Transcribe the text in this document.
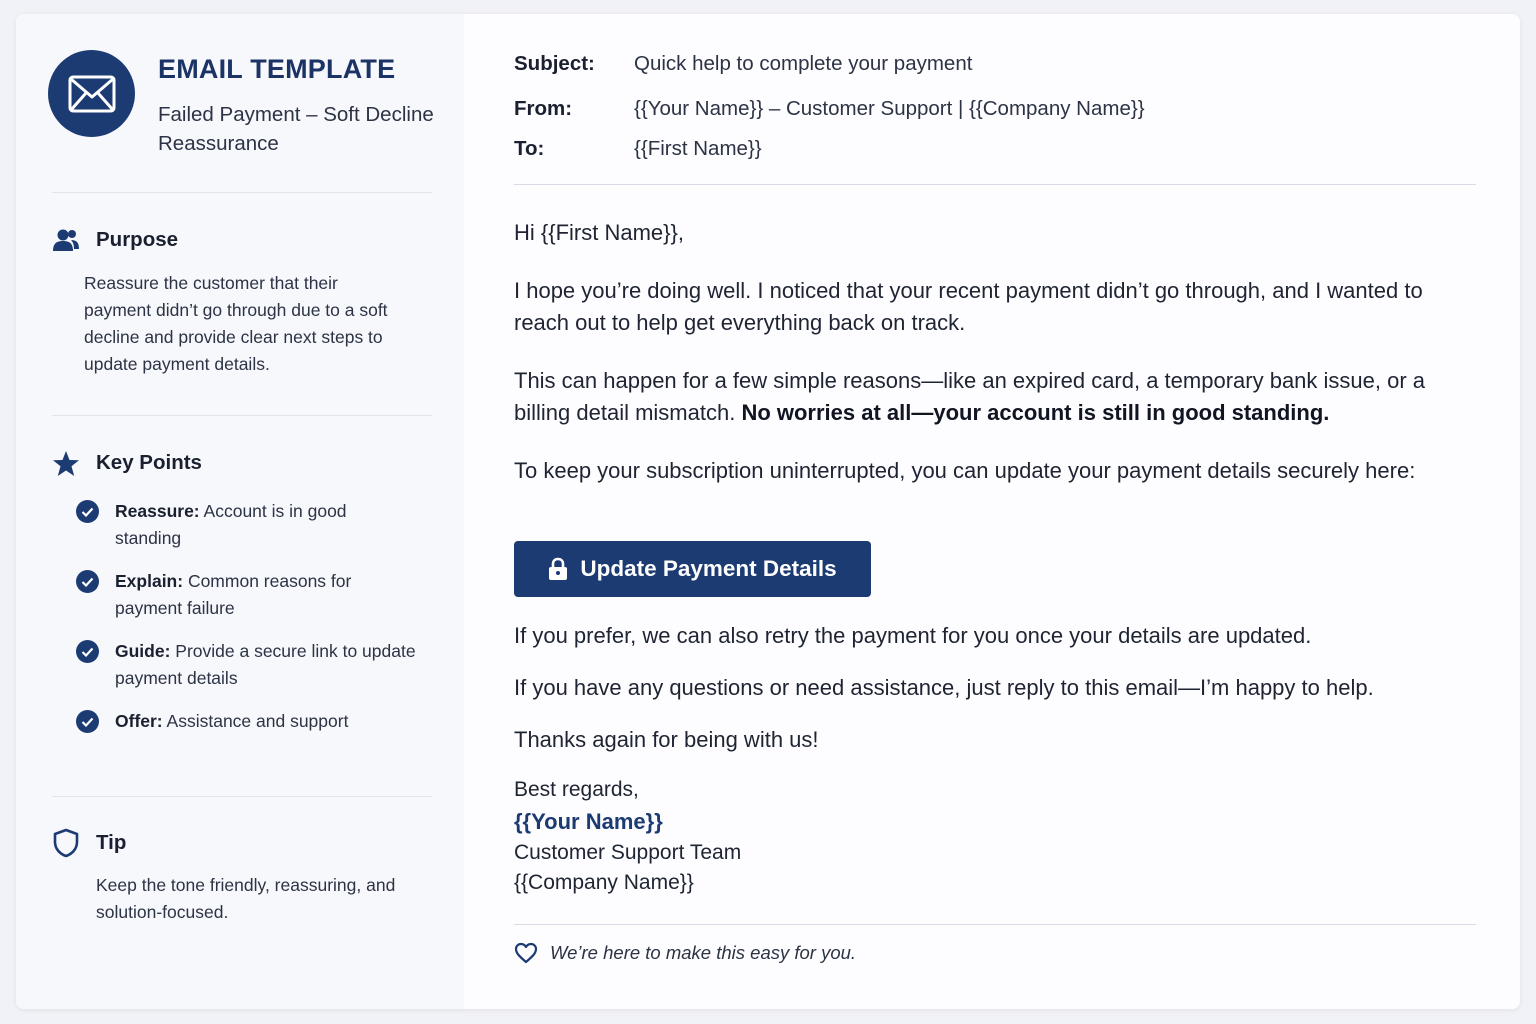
EMAIL TEMPLATE
Failed Payment – Soft Decline Reassurance
Purpose
Reassure the customer that their payment didn’t go through due to a soft decline and provide clear next steps to update payment details.
Key Points
Reassure: Account is in good standing
Explain: Common reasons for payment failure
Guide: Provide a secure link to update payment details
Offer: Assistance and support
Tip
Keep the tone friendly, reassuring, and solution-focused.
Subject:	Quick help to complete your payment
From:	{{Your Name}} – Customer Support | {{Company Name}}
To:	{{First Name}}

Hi {{First Name}},

I hope you’re doing well. I noticed that your recent payment didn’t go through, and I wanted to reach out to help get everything back on track.

This can happen for a few simple reasons—like an expired card, a temporary bank issue, or a billing detail mismatch. No worries at all—your account is still in good standing.

To keep your subscription uninterrupted, you can update your payment details securely here:

Update Payment Details

If you prefer, we can also retry the payment for you once your details are updated.

If you have any questions or need assistance, just reply to this email—I’m happy to help.

Thanks again for being with us!

Best regards,
{{Your Name}}
Customer Support Team
{{Company Name}}
We’re here to make this easy for you.
